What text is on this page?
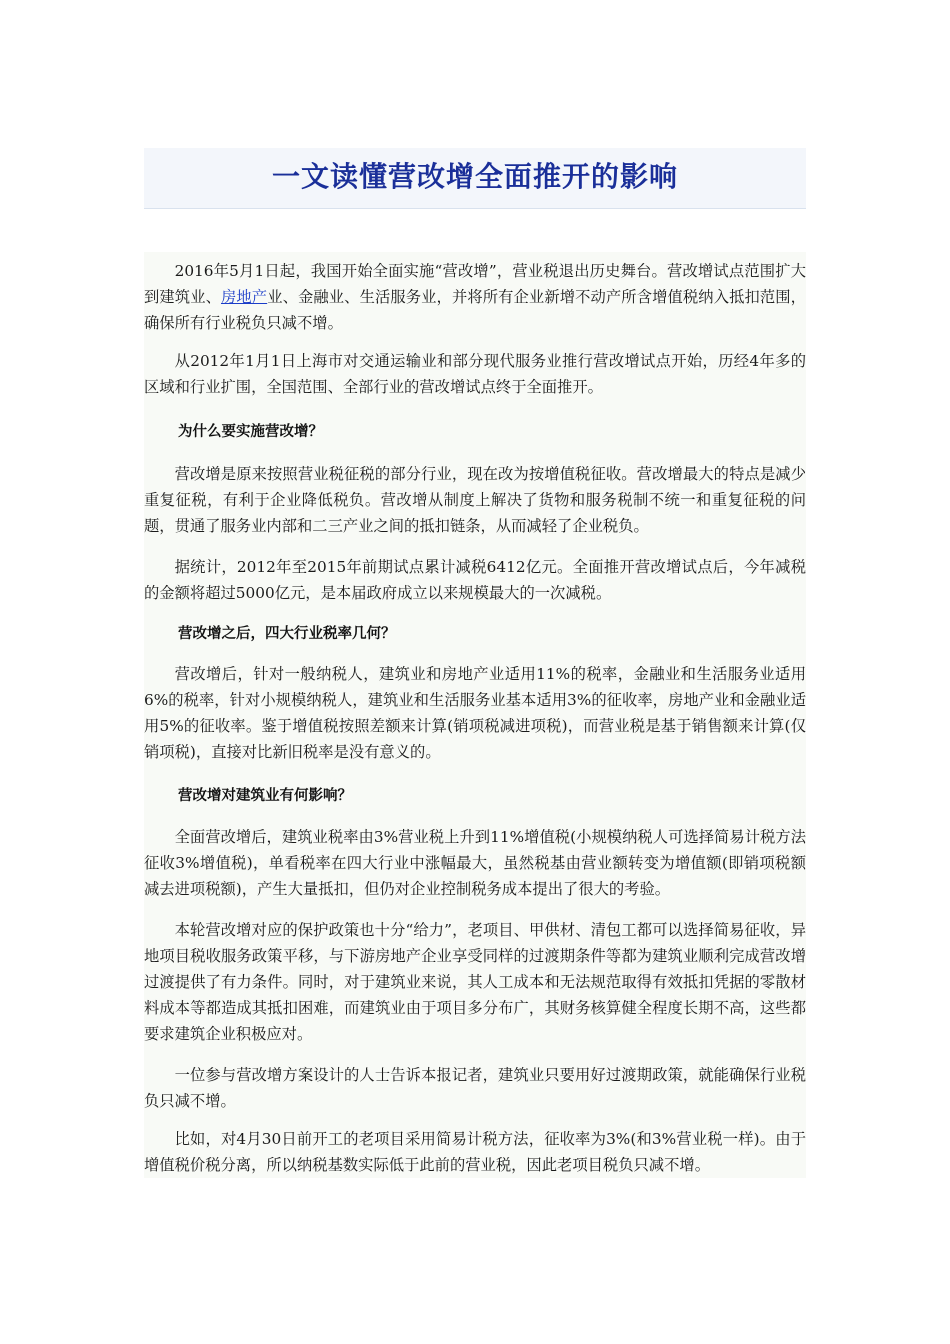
一文读懂营改增全面推开的影响

2016年5月1日起，我国开始全面实施“营改增”，营业税退出历史舞台。营改增试点范围扩大到建筑业、房地产业、金融业、生活服务业，并将所有企业新增不动产所含增值税纳入抵扣范围，确保所有行业税负只减不增。

从2012年1月1日上海市对交通运输业和部分现代服务业推行营改增试点开始，历经4年多的区域和行业扩围，全国范围、全部行业的营改增试点终于全面推开。

为什么要实施营改增？

营改增是原来按照营业税征税的部分行业，现在改为按增值税征收。营改增最大的特点是减少重复征税，有利于企业降低税负。营改增从制度上解决了货物和服务税制不统一和重复征税的问题，贯通了服务业内部和二三产业之间的抵扣链条，从而减轻了企业税负。

据统计，2012年至2015年前期试点累计减税6412亿元。全面推开营改增试点后，今年减税的金额将超过5000亿元，是本届政府成立以来规模最大的一次减税。

营改增之后，四大行业税率几何？

营改增后，针对一般纳税人，建筑业和房地产业适用11%的税率，金融业和生活服务业适用6%的税率，针对小规模纳税人，建筑业和生活服务业基本适用3%的征收率，房地产业和金融业适用5%的征收率。鉴于增值税按照差额来计算(销项税减进项税)，而营业税是基于销售额来计算(仅销项税)，直接对比新旧税率是没有意义的。

营改增对建筑业有何影响？

全面营改增后，建筑业税率由3%营业税上升到11%增值税(小规模纳税人可选择简易计税方法征收3%增值税)，单看税率在四大行业中涨幅最大，虽然税基由营业额转变为增值额(即销项税额减去进项税额)，产生大量抵扣，但仍对企业控制税务成本提出了很大的考验。

本轮营改增对应的保护政策也十分“给力”，老项目、甲供材、清包工都可以选择简易征收，异地项目税收服务政策平移，与下游房地产企业享受同样的过渡期条件等都为建筑业顺利完成营改增过渡提供了有力条件。同时，对于建筑业来说，其人工成本和无法规范取得有效抵扣凭据的零散材料成本等都造成其抵扣困难，而建筑业由于项目多分布广，其财务核算健全程度长期不高，这些都要求建筑企业积极应对。

一位参与营改增方案设计的人士告诉本报记者，建筑业只要用好过渡期政策，就能确保行业税负只减不增。

比如，对4月30日前开工的老项目采用简易计税方法，征收率为3%(和3%营业税一样)。由于增值税价税分离，所以纳税基数实际低于此前的营业税，因此老项目税负只减不增。
